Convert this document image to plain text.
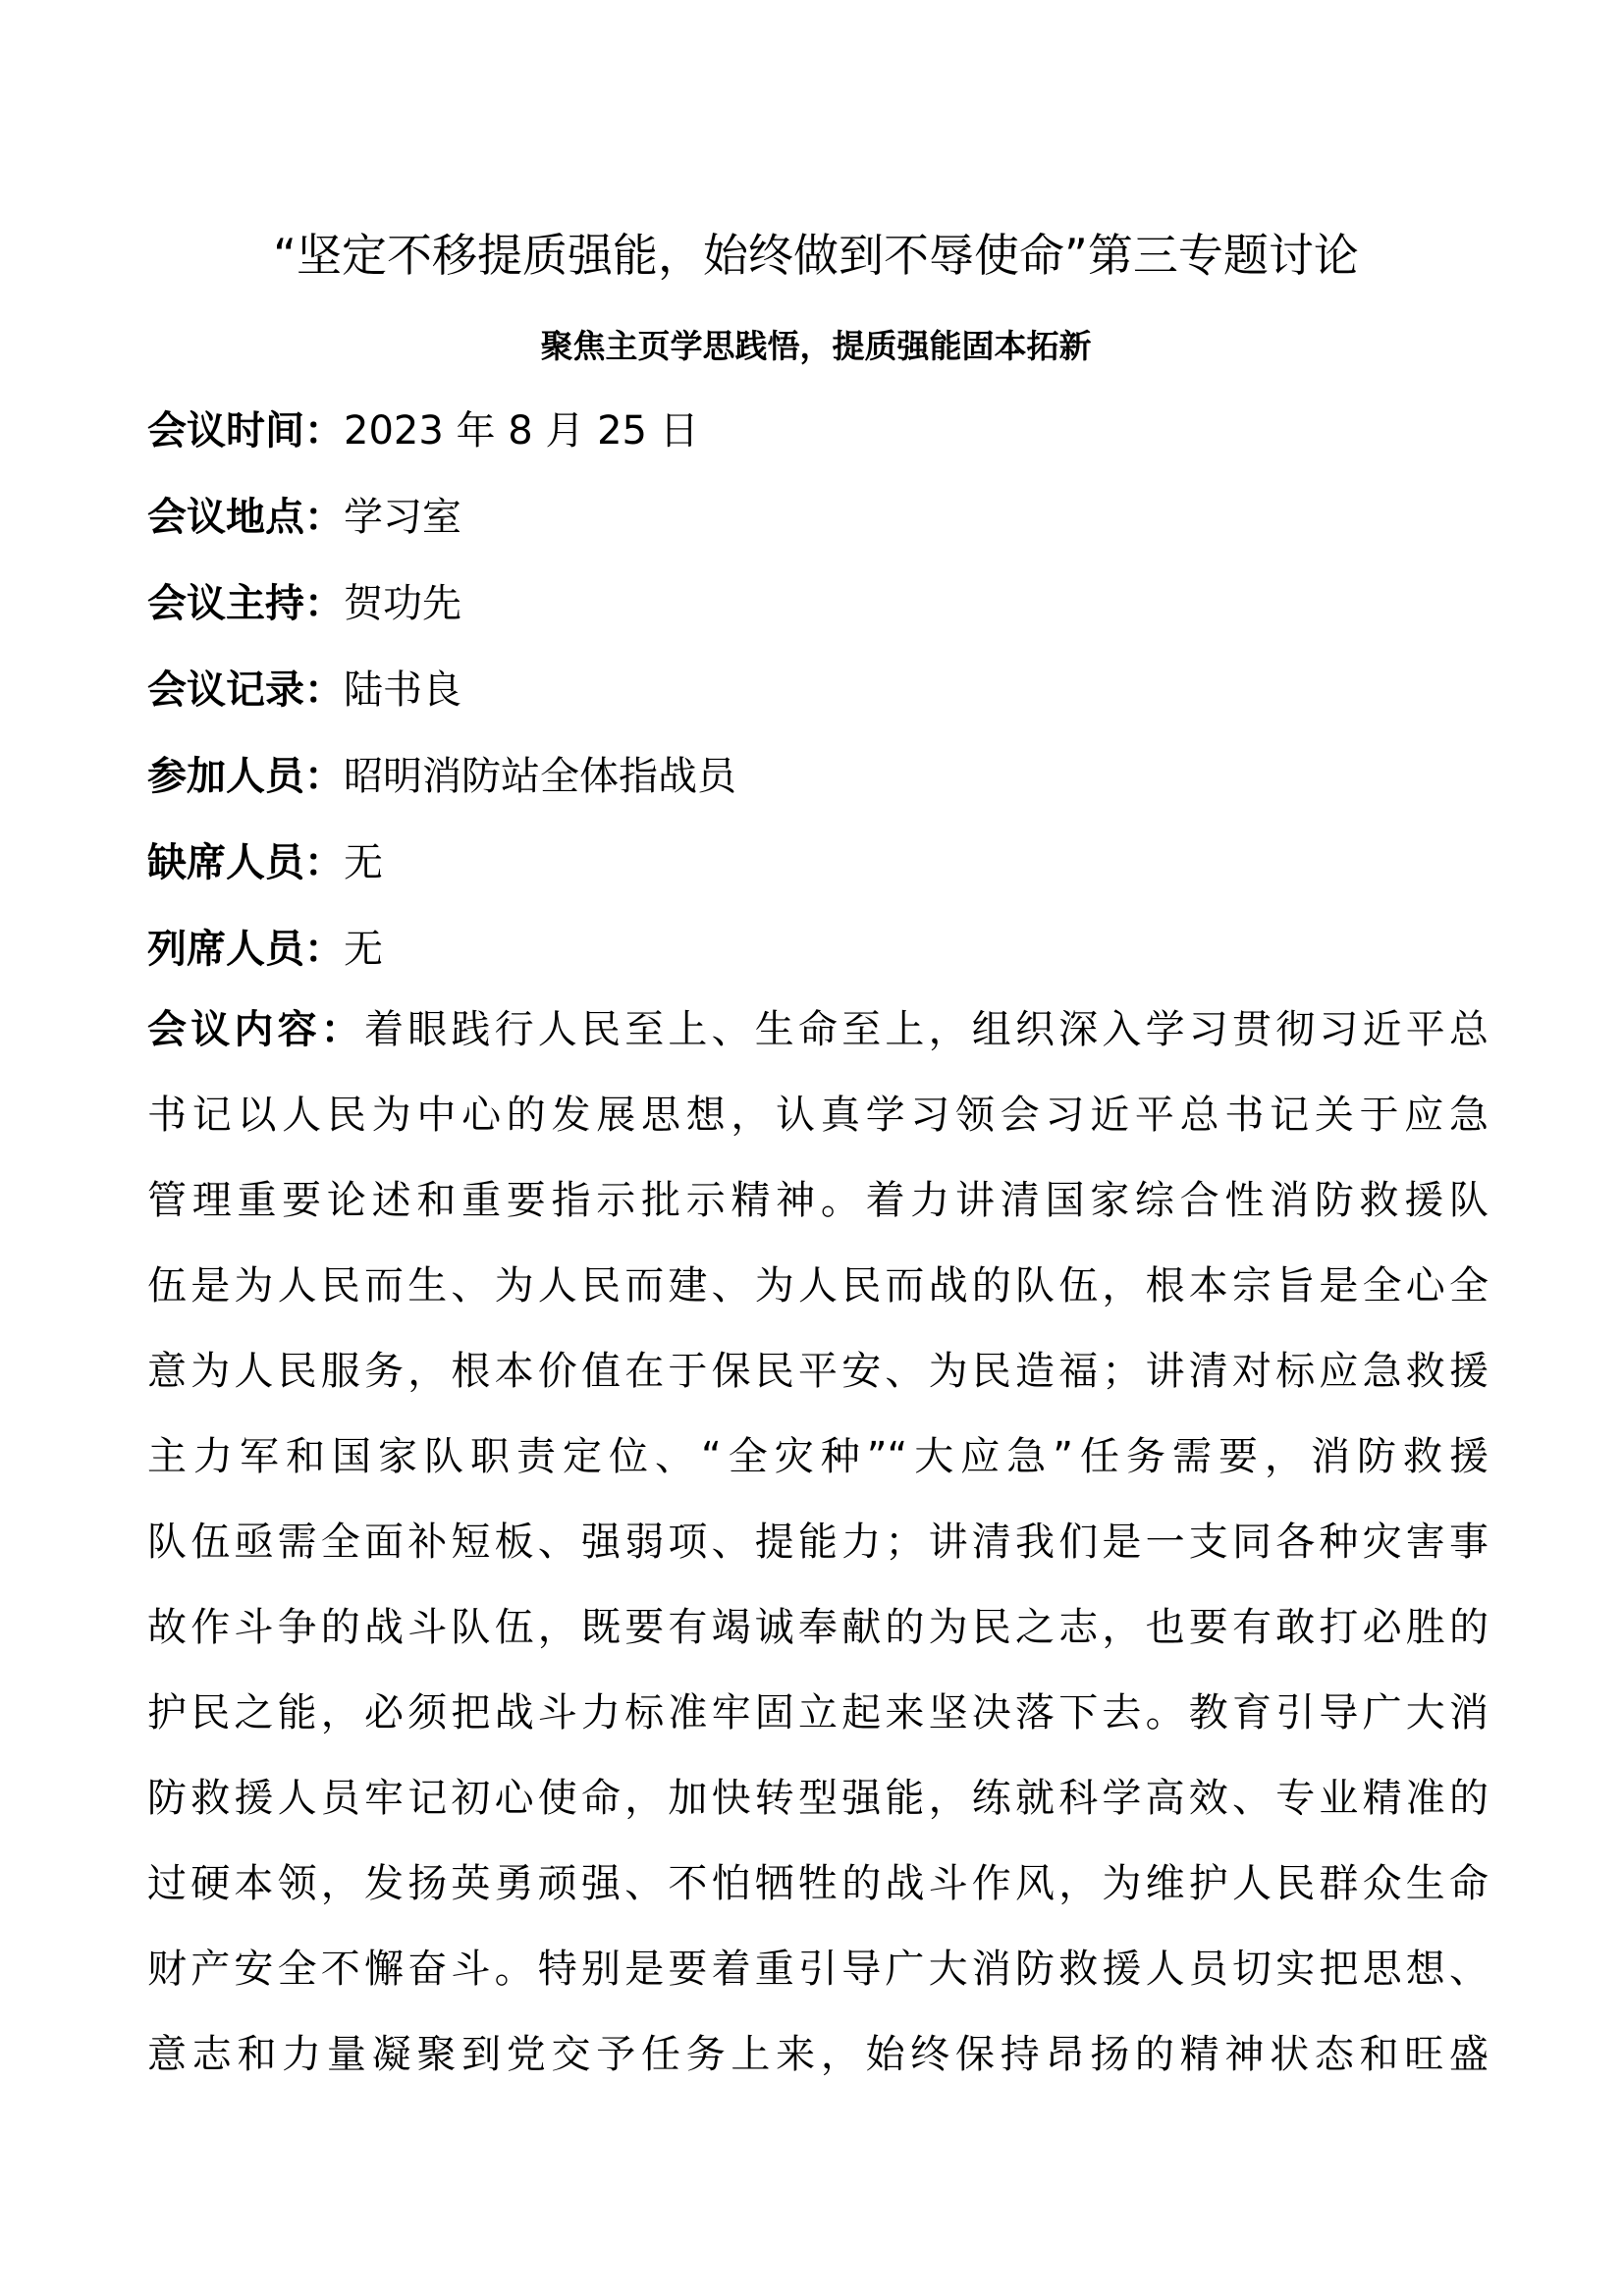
“坚定不移提质强能，始终做到不辱使命”第三专题讨论
聚焦主页学思践悟，提质强能固本拓新
会议时间：2023 年 8 月 25 日
会议地点：学习室
会议主持：贺功先
会议记录：陆书良
参加人员：昭明消防站全体指战员
缺席人员：无
列席人员：无
会议内容：着眼践行人民至上、生命至上，组织深入学习贯彻习近平总
书记以人民为中心的发展思想，认真学习领会习近平总书记关于应急
管理重要论述和重要指示批示精神。着力讲清国家综合性消防救援队
伍是为人民而生、为人民而建、为人民而战的队伍，根本宗旨是全心全
意为人民服务，根本价值在于保民平安、为民造福；讲清对标应急救援
主力军和国家队职责定位、“全灾种”“大应急”任务需要，消防救援
队伍亟需全面补短板、强弱项、提能力；讲清我们是一支同各种灾害事
故作斗争的战斗队伍，既要有竭诚奉献的为民之志，也要有敢打必胜的
护民之能，必须把战斗力标准牢固立起来坚决落下去。教育引导广大消
防救援人员牢记初心使命，加快转型强能，练就科学高效、专业精准的
过硬本领，发扬英勇顽强、不怕牺牲的战斗作风，为维护人民群众生命
财产安全不懈奋斗。特别是要着重引导广大消防救援人员切实把思想、
意志和力量凝聚到党交予任务上来，始终保持昂扬的精神状态和旺盛
